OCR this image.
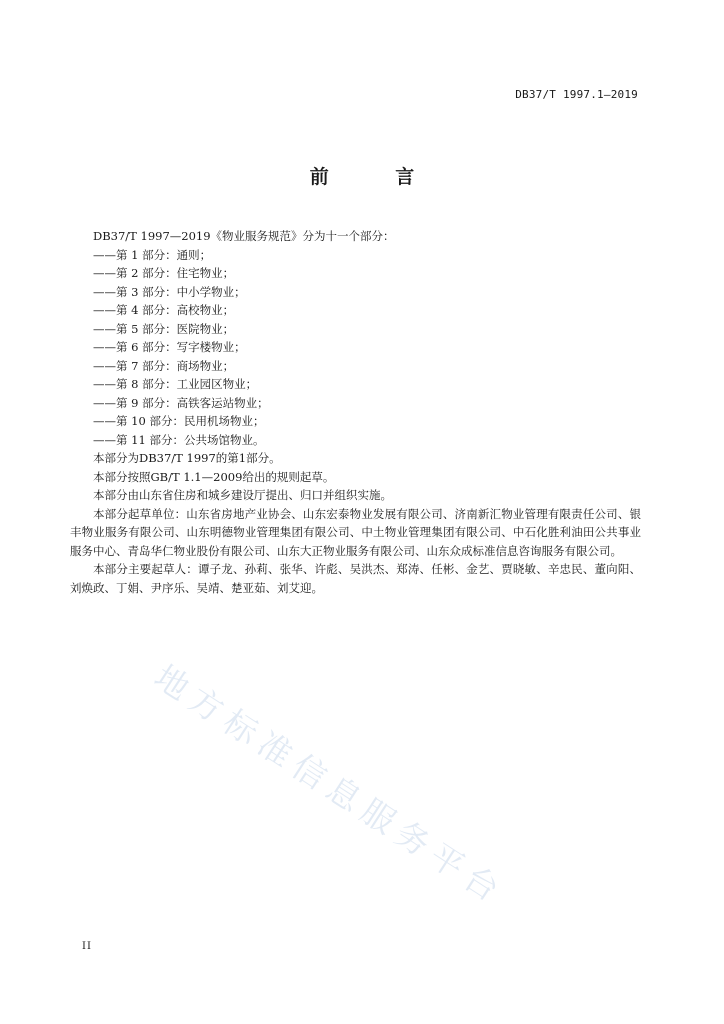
DB37/T 1997.1—2019
前 言
DB37/T 1997—2019《物业服务规范》分为十一个部分：
——第 1 部分：通则；
——第 2 部分：住宅物业；
——第 3 部分：中小学物业；
——第 4 部分：高校物业；
——第 5 部分：医院物业；
——第 6 部分：写字楼物业；
——第 7 部分：商场物业；
——第 8 部分：工业园区物业；
——第 9 部分：高铁客运站物业；
——第 10 部分：民用机场物业；
——第 11 部分：公共场馆物业。
本部分为DB37/T 1997的第1部分。
本部分按照GB/T 1.1—2009给出的规则起草。
本部分由山东省住房和城乡建设厅提出、归口并组织实施。
本部分起草单位：山东省房地产业协会、山东宏泰物业发展有限公司、济南新汇物业管理有限责任公司、银丰物业服务有限公司、山东明德物业管理集团有限公司、中土物业管理集团有限公司、中石化胜利油田公共事业服务中心、青岛华仁物业股份有限公司、山东大正物业服务有限公司、山东众成标准信息咨询服务有限公司。
本部分主要起草人：谭子龙、孙莉、张华、许彪、吴洪杰、郑涛、任彬、金艺、贾晓敏、辛忠民、董向阳、刘焕政、丁娟、尹序乐、吴靖、楚亚茹、刘艾迎。
地方标准信息服务平台
II
